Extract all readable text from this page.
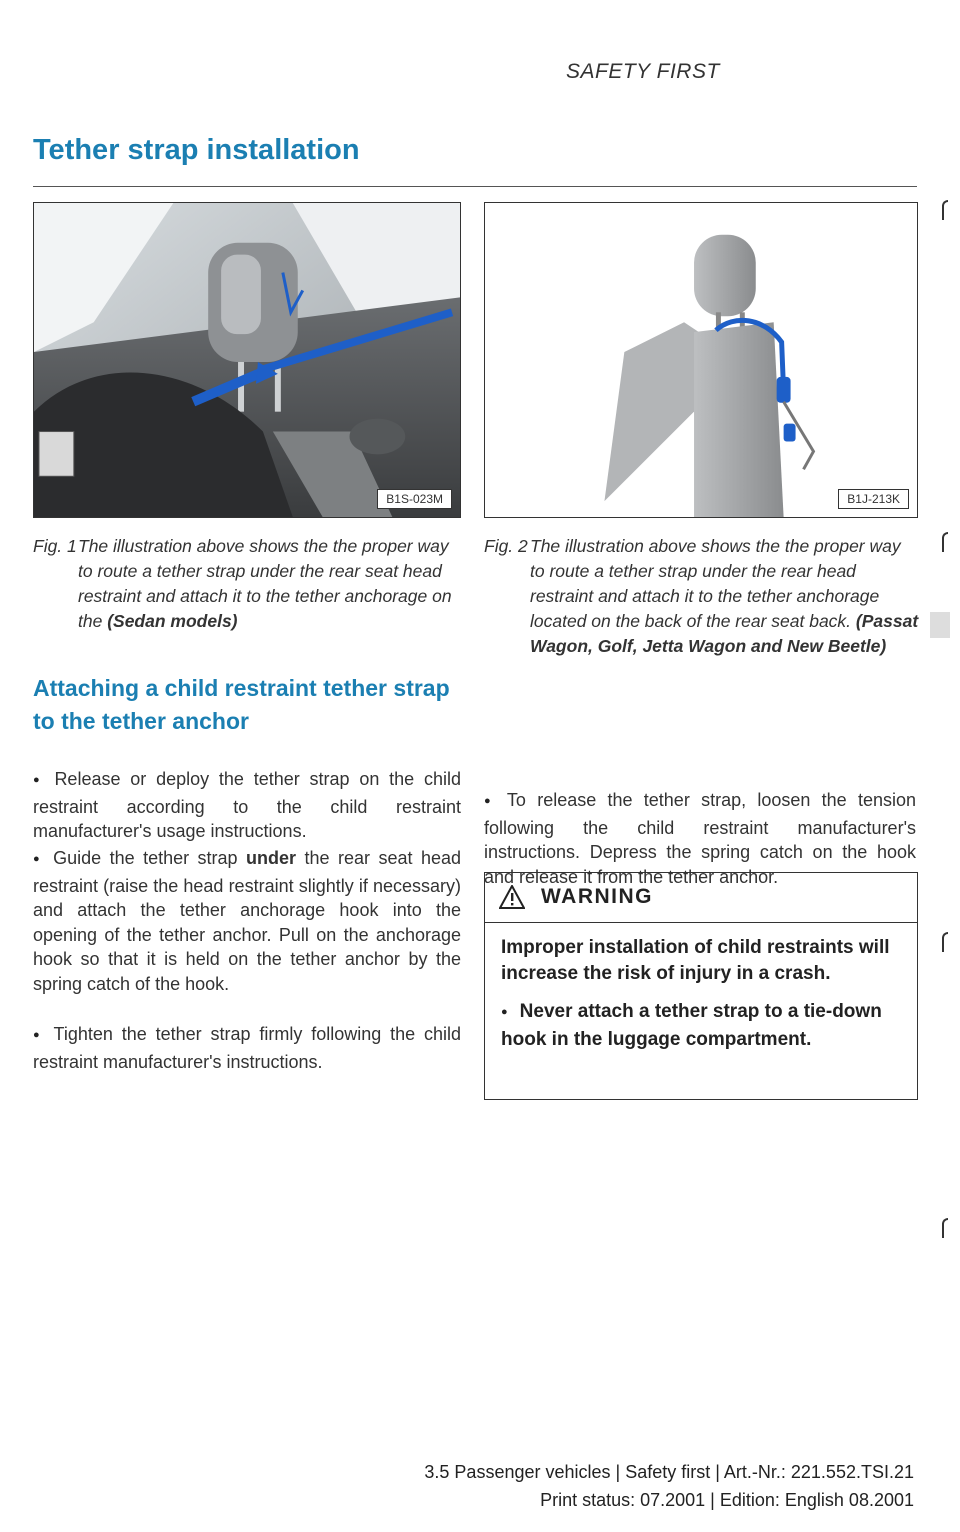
SAFETY FIRST
Tether strap installation
B1S-023M	B1J-213K
Fig. 1 The illustration above shows the the proper way to route a tether strap under the rear seat head restraint and attach it to the tether anchorage on the (Sedan models)
Fig. 2 The illustration above shows the the proper way to route a tether strap under the rear head restraint and attach it to the tether anchorage located on the back of the rear seat back. (Passat Wagon, Golf, Jetta Wagon and New Beetle)
Attaching a child restraint tether strap to the tether anchor
● Release or deploy the tether strap on the child restraint according to the child restraint manufacturer's usage instructions.
● Guide the tether strap under the rear seat head restraint (raise the head restraint slightly if necessary) and attach the tether anchorage hook into the opening of the tether anchor. Pull on the anchorage hook so that it is held on the tether anchor by the spring catch of the hook.
● Tighten the tether strap firmly following the child restraint manufacturer's instructions.
● To release the tether strap, loosen the tension following the child restraint manufacturer's instructions. Depress the spring catch on the hook and release it from the tether anchor.
WARNING

Improper installation of child restraints will increase the risk of injury in a crash.

● Never attach a tether strap to a tie-down hook in the luggage compartment.

3.5 Passenger vehicles | Safety first | Art.-Nr.: 221.552.TSI.21
Print status: 07.2001 | Edition: English 08.2001
